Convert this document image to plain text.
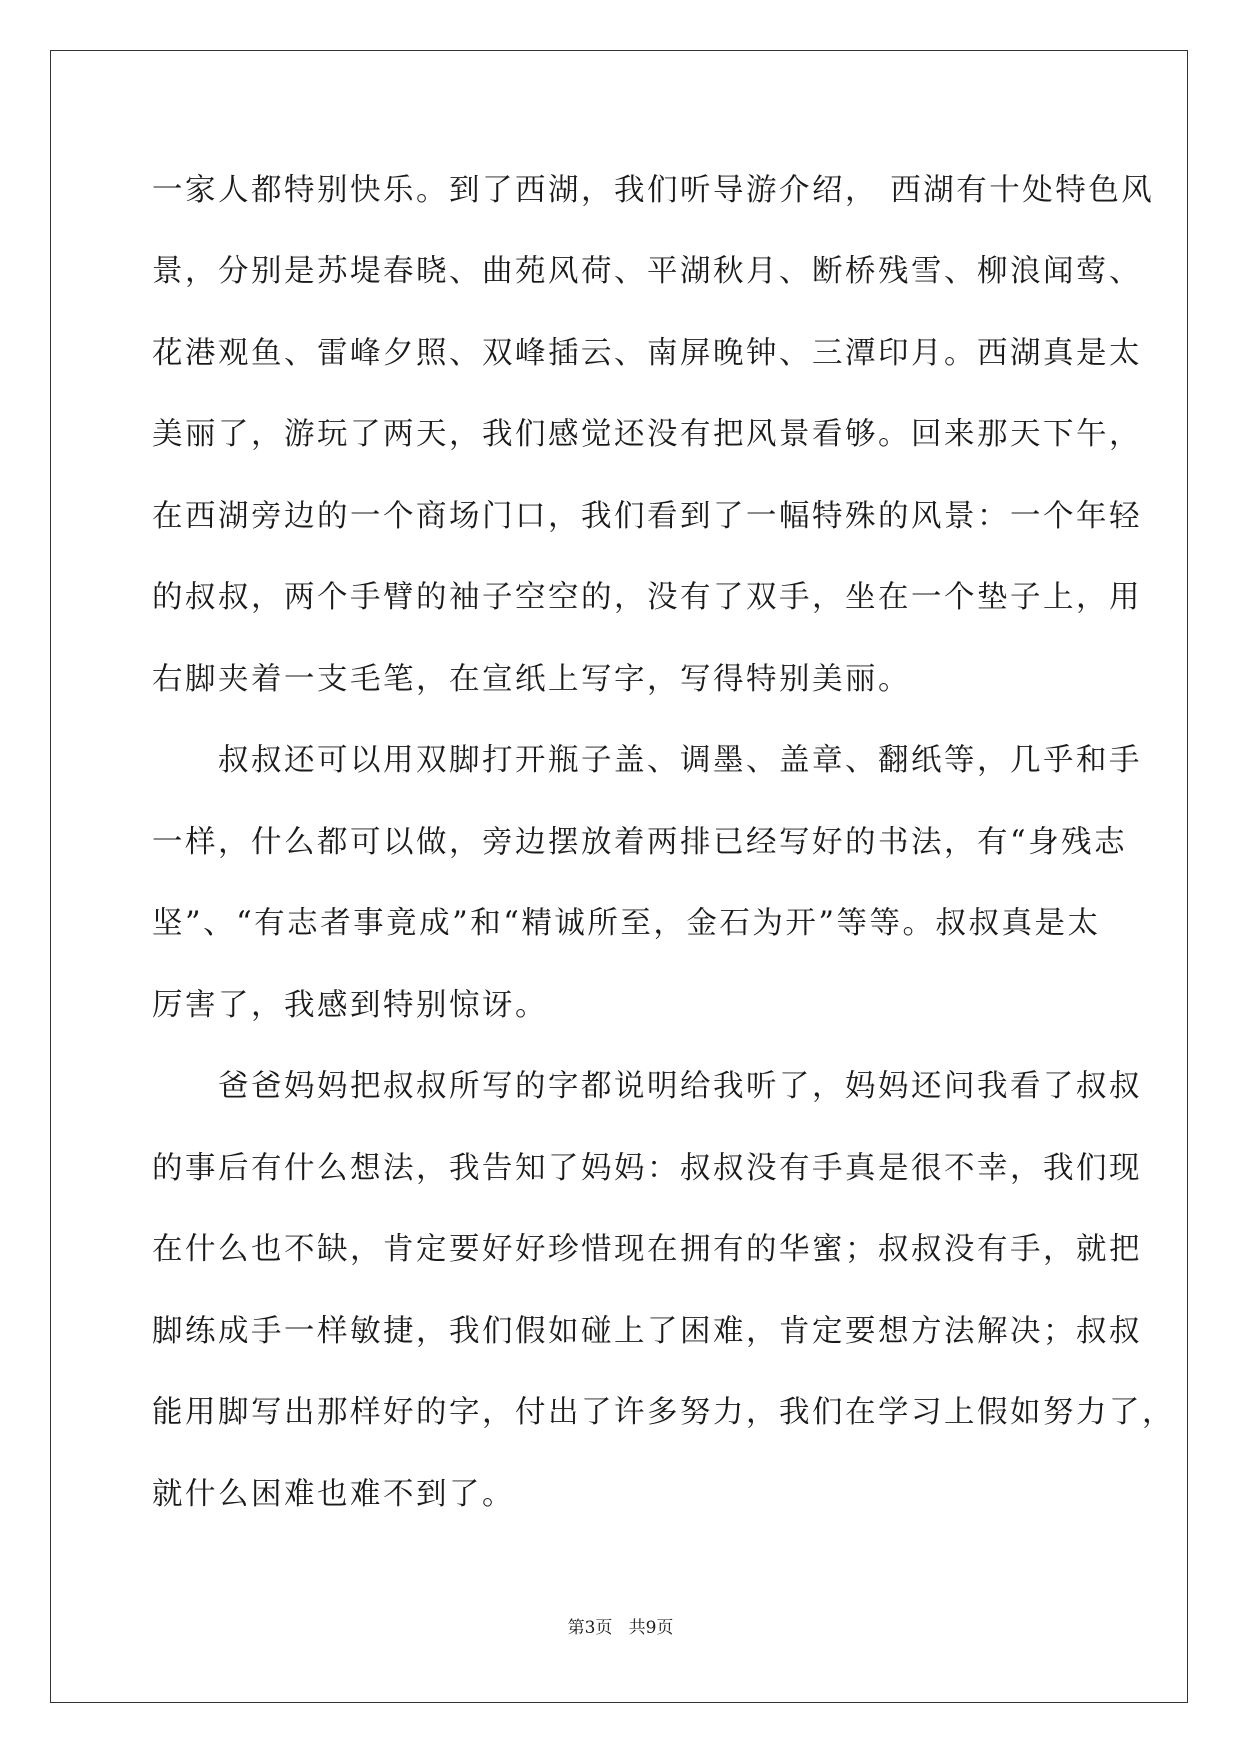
一家人都特别快乐。到了西湖，我们听导游介绍， 西湖有十处特色风
景，分别是苏堤春晓、曲苑风荷、平湖秋月、断桥残雪、柳浪闻莺、
花港观鱼、雷峰夕照、双峰插云、南屏晚钟、三潭印月。西湖真是太
美丽了，游玩了两天，我们感觉还没有把风景看够。回来那天下午，
在西湖旁边的一个商场门口，我们看到了一幅特殊的风景：一个年轻
的叔叔，两个手臂的袖子空空的，没有了双手，坐在一个垫子上，用
右脚夹着一支毛笔，在宣纸上写字，写得特别美丽。
　　叔叔还可以用双脚打开瓶子盖、调墨、盖章、翻纸等，几乎和手
一样，什么都可以做，旁边摆放着两排已经写好的书法，有“身残志
坚”、“有志者事竟成”和“精诚所至，金石为开”等等。叔叔真是太
厉害了，我感到特别惊讶。
　　爸爸妈妈把叔叔所写的字都说明给我听了，妈妈还问我看了叔叔
的事后有什么想法，我告知了妈妈：叔叔没有手真是很不幸，我们现
在什么也不缺，肯定要好好珍惜现在拥有的华蜜；叔叔没有手，就把
脚练成手一样敏捷，我们假如碰上了困难，肯定要想方法解决；叔叔
能用脚写出那样好的字，付出了许多努力，我们在学习上假如努力了，
就什么困难也难不到了。
第3页   共9页
